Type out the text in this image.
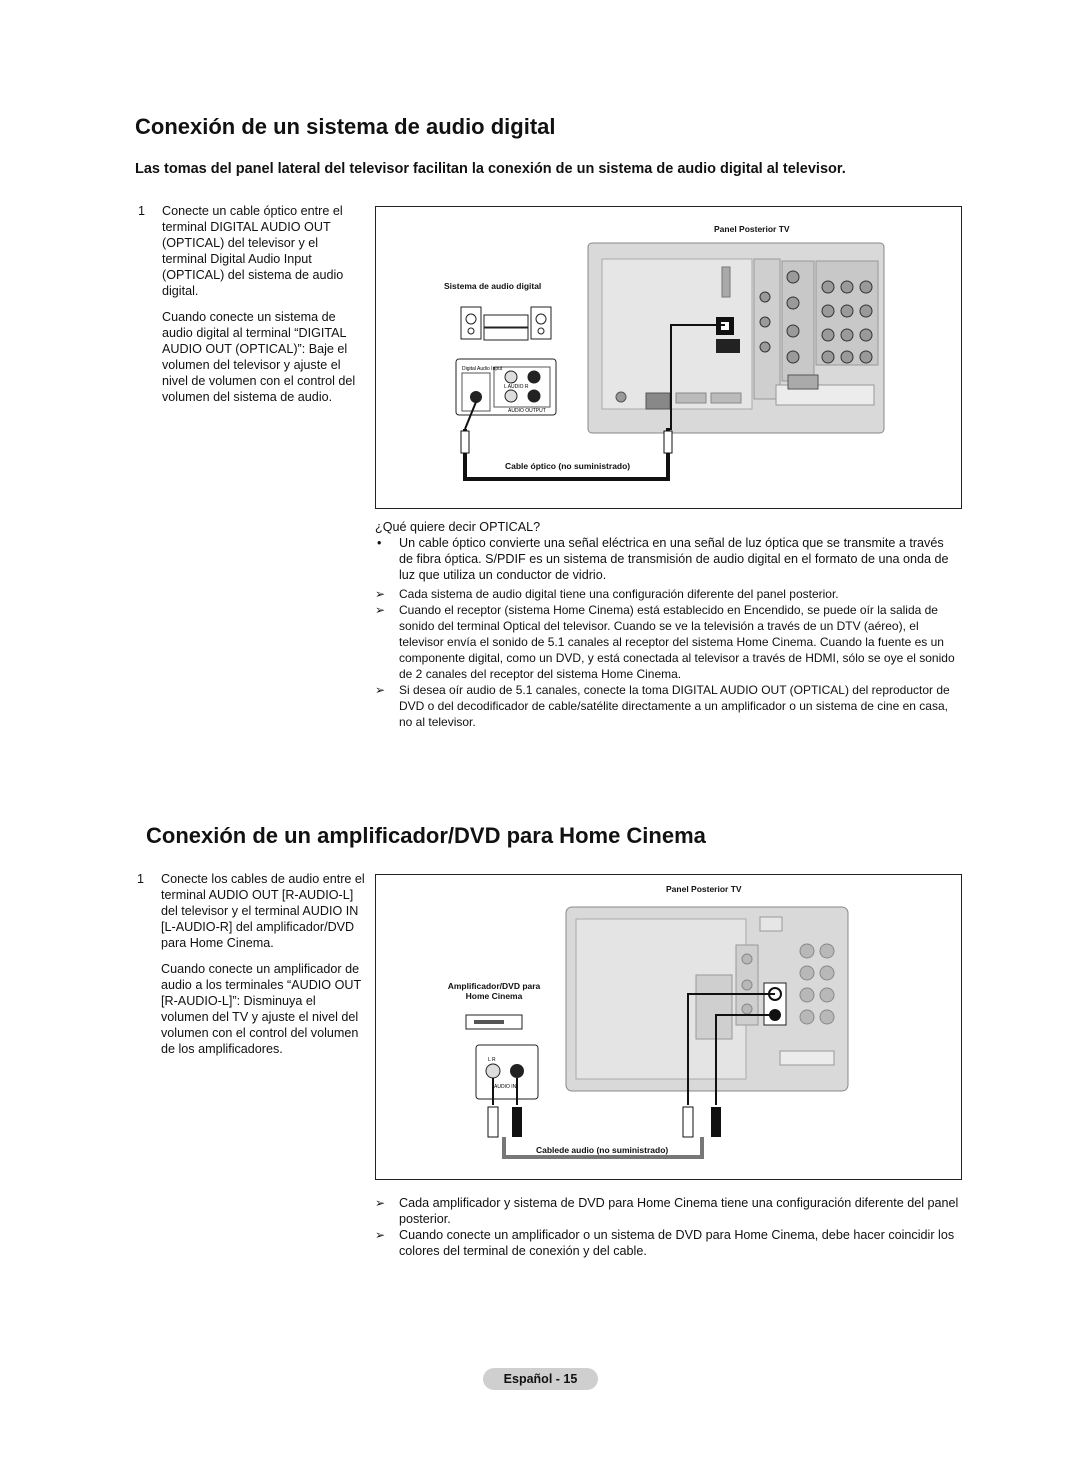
Conexión de un sistema de audio digital
Las tomas del panel lateral del televisor facilitan la conexión de un sistema de audio digital al televisor.
1 Conecte un cable óptico entre el terminal DIGITAL AUDIO OUT (OPTICAL) del televisor y el terminal Digital Audio Input (OPTICAL) del sistema de audio digital.

Cuando conecte un sistema de audio digital al terminal “DIGITAL AUDIO OUT (OPTICAL)”: Baje el volumen del televisor y ajuste el nivel de volumen con el control del volumen del sistema de audio.

Panel Posterior TV
Sistema de audio digital
Cable óptico (no suministrado)
Digital Audio Input
L AUDIO R
AUDIO OUTPUT
¿Qué quiere decir OPTICAL?
• Un cable óptico convierte una señal eléctrica en una señal de luz óptica que se transmite a través de fibra óptica. S/PDIF es un sistema de transmisión de audio digital en el formato de una onda de luz que utiliza un conductor de vidrio.
➢ Cada sistema de audio digital tiene una configuración diferente del panel posterior.
➢ Cuando el receptor (sistema Home Cinema) está establecido en Encendido, se puede oír la salida de sonido del terminal Optical del televisor. Cuando se ve la televisión a través de un DTV (aéreo), el televisor envía el sonido de 5.1 canales al receptor del sistema Home Cinema. Cuando la fuente es un componente digital, como un DVD, y está conectada al televisor a través de HDMI, sólo se oye el sonido de 2 canales del receptor del sistema Home Cinema.
➢ Si desea oír audio de 5.1 canales, conecte la toma DIGITAL AUDIO OUT (OPTICAL) del reproductor de DVD o del decodificador de cable/satélite directamente a un amplificador o un sistema de cine en casa, no al televisor.
Conexión de un amplificador/DVD para Home Cinema
1 Conecte los cables de audio entre el terminal AUDIO OUT [R-AUDIO-L] del televisor y el terminal AUDIO IN [L-AUDIO-R] del amplificador/DVD para Home Cinema.

Cuando conecte un amplificador de audio a los terminales “AUDIO OUT [R-AUDIO-L]”: Disminuya el volumen del TV y ajuste el nivel del volumen con el control del volumen de los amplificadores.

Panel Posterior TV
Amplificador/DVD para
Home Cinema
Cablede audio (no suministrado)
L R
AUDIO IN
➢ Cada amplificador y sistema de DVD para Home Cinema tiene una configuración diferente del panel posterior.
➢ Cuando conecte un amplificador o un sistema de DVD para Home Cinema, debe hacer coincidir los colores del terminal de conexión y del cable.
Español - 15
